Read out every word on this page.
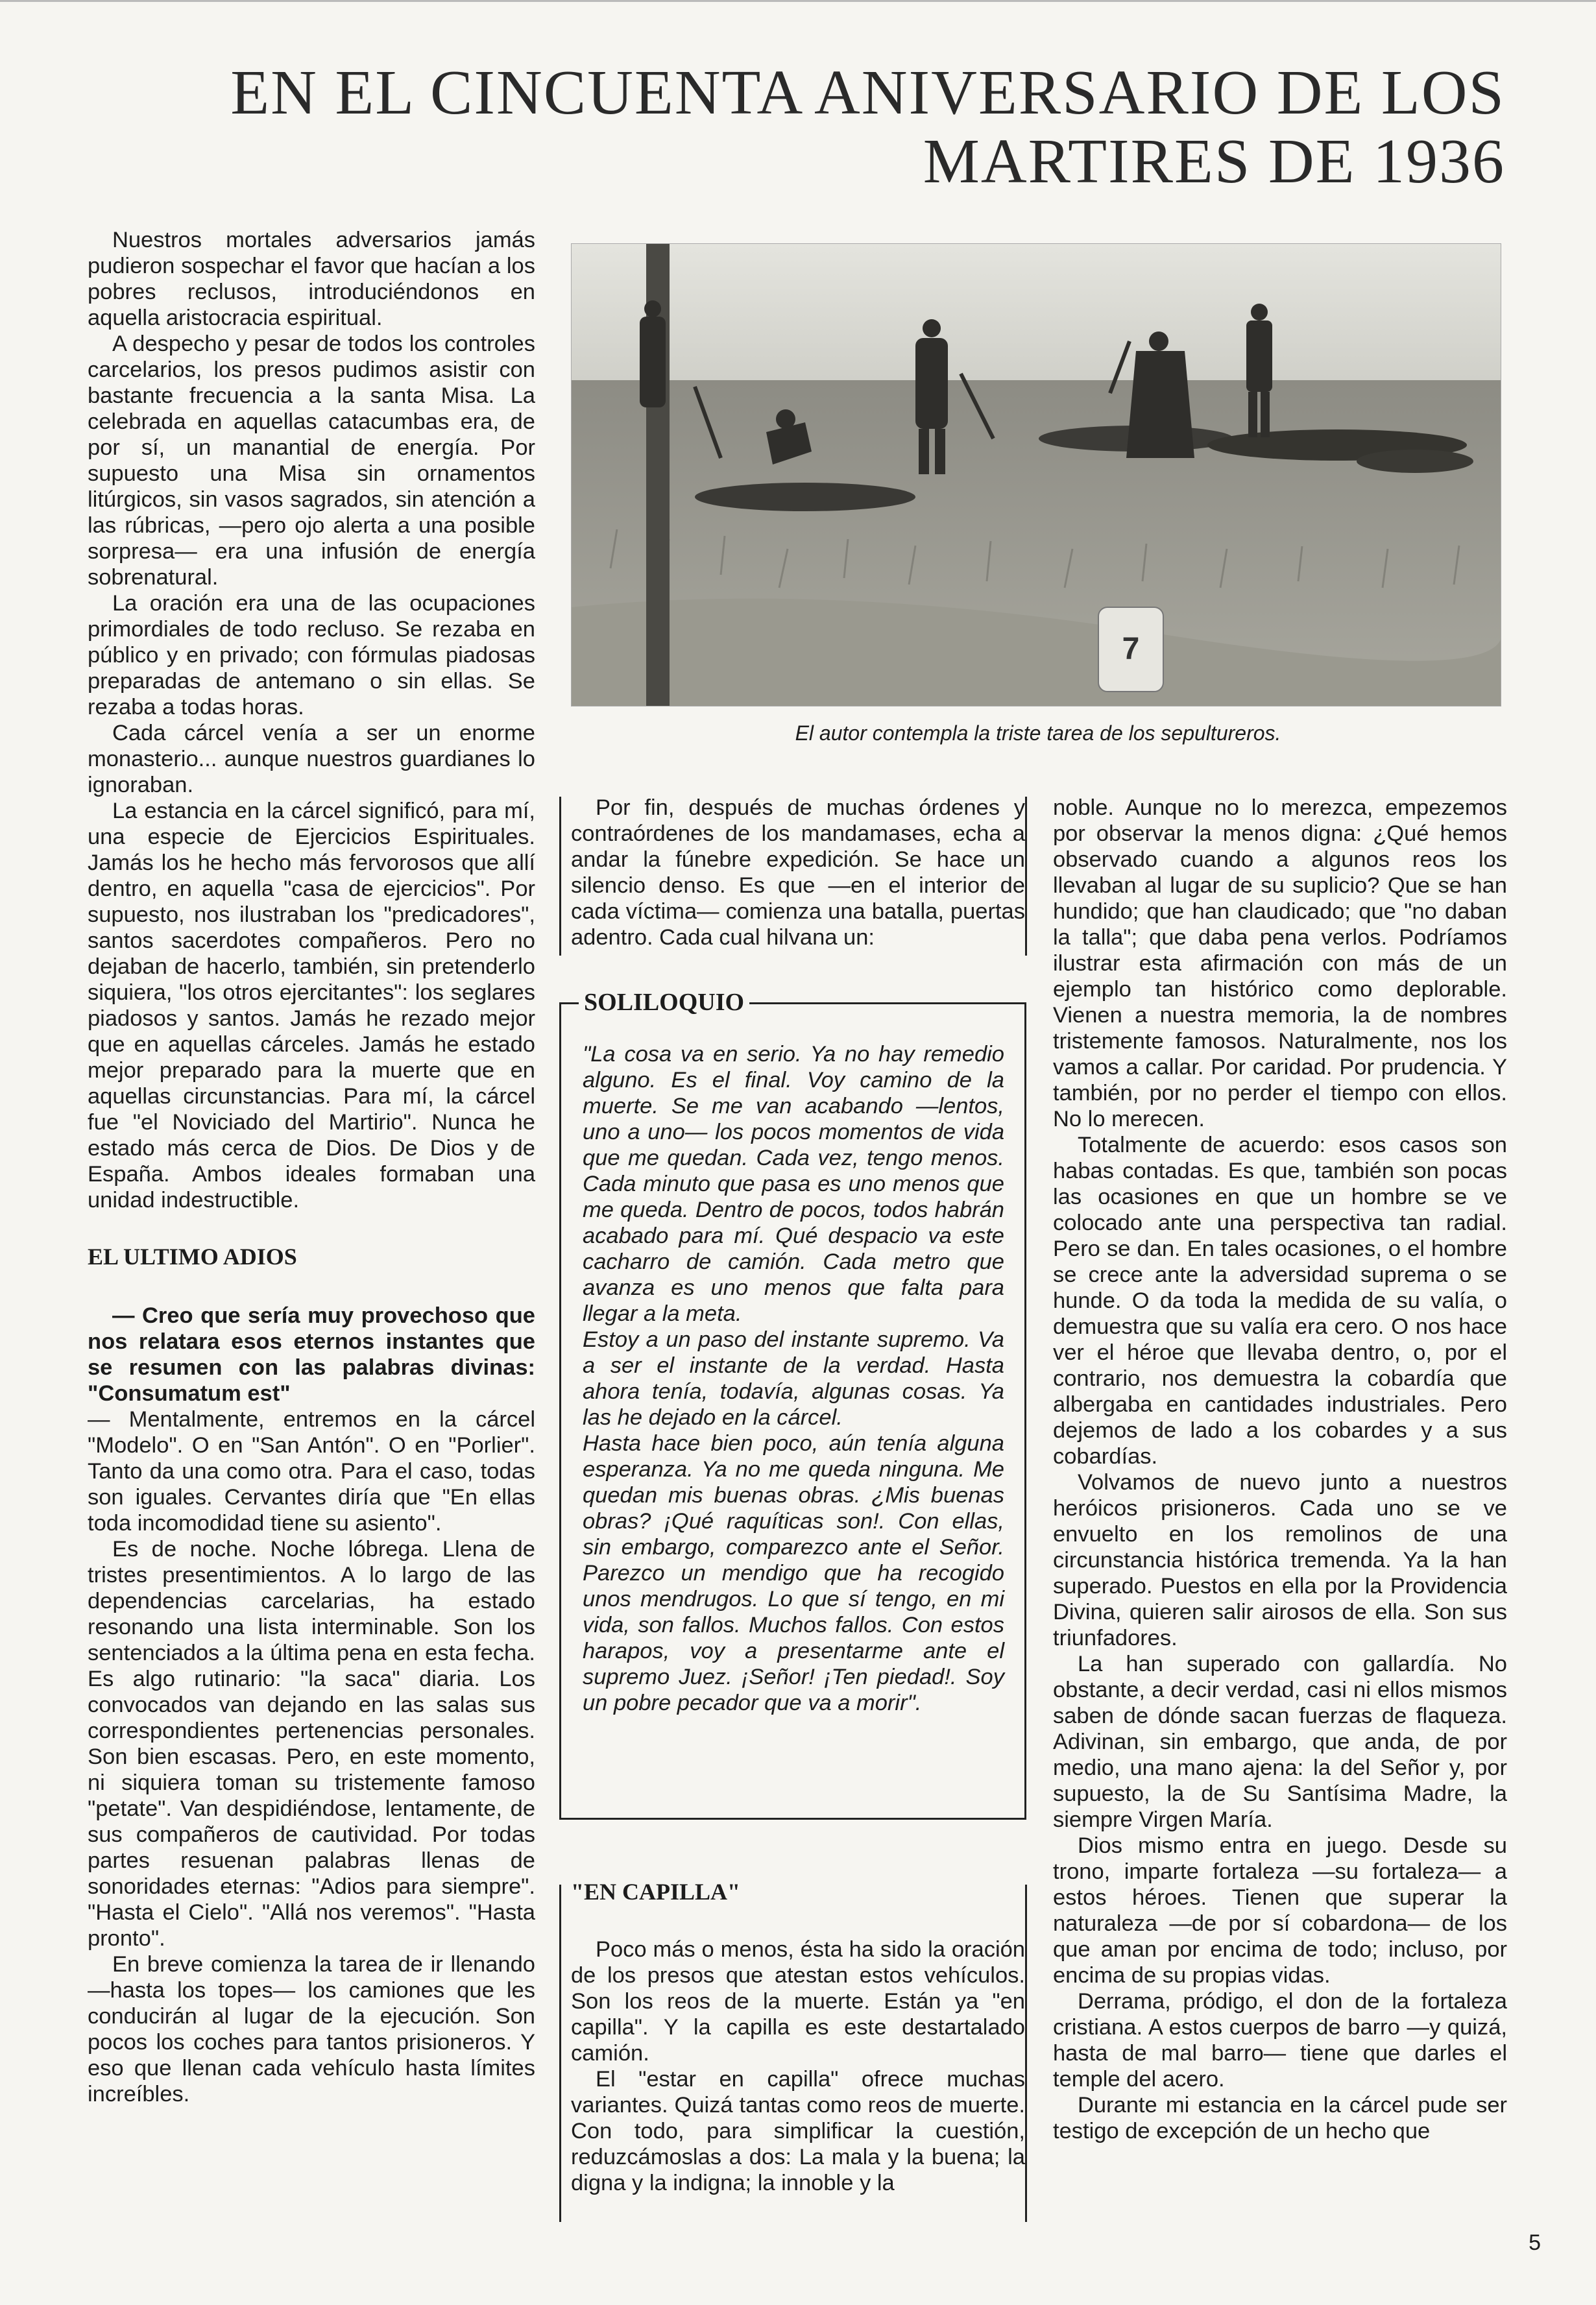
EN EL CINCUENTA ANIVERSARIO DE LOS
MARTIRES DE 1936

Nuestros mortales adversarios jamás pudieron sospechar el favor que hacían a los pobres reclusos, introduciéndonos en aquella aristocracia espiritual.

A despecho y pesar de todos los controles carcelarios, los presos pudimos asistir con bastante frecuencia a la santa Misa. La celebrada en aquellas catacumbas era, de por sí, un manantial de energía. Por supuesto una Misa sin ornamentos litúrgicos, sin vasos sagrados, sin atención a las rúbricas, —pero ojo alerta a una posible sorpresa— era una infusión de energía sobrenatural.

La oración era una de las ocupaciones primordiales de todo recluso. Se rezaba en público y en privado; con fórmulas piadosas preparadas de antemano o sin ellas. Se rezaba a todas horas.

Cada cárcel venía a ser un enorme monasterio... aunque nuestros guardianes lo ignoraban.

La estancia en la cárcel significó, para mí, una especie de Ejercicios Espirituales. Jamás los he hecho más fervorosos que allí dentro, en aquella "casa de ejercicios". Por supuesto, nos ilustraban los "predicadores", santos sacerdotes compañeros. Pero no dejaban de hacerlo, también, sin pretenderlo siquiera, "los otros ejercitantes": los seglares piadosos y santos. Jamás he rezado mejor que en aquellas cárceles. Jamás he estado mejor preparado para la muerte que en aquellas circunstancias. Para mí, la cárcel fue "el Noviciado del Martirio". Nunca he estado más cerca de Dios. De Dios y de España. Ambos ideales formaban una unidad indestructible.

EL ULTIMO ADIOS

— Creo que sería muy provechoso que nos relatara esos eternos instantes que se resumen con las palabras divinas: "Consumatum est"

— Mentalmente, entremos en la cárcel "Modelo". O en "San Antón". O en "Porlier". Tanto da una como otra. Para el caso, todas son iguales. Cervantes diría que "En ellas toda incomodidad tiene su asiento".

Es de noche. Noche lóbrega. Llena de tristes presentimientos. A lo largo de las dependencias carcelarias, ha estado resonando una lista interminable. Son los sentenciados a la última pena en esta fecha. Es algo rutinario: "la saca" diaria. Los convocados van dejando en las salas sus correspondientes pertenencias personales. Son bien escasas. Pero, en este momento, ni siquiera toman su tristemente famoso "petate". Van despidiéndose, lentamente, de sus compañeros de cautividad. Por todas partes resuenan palabras llenas de sonoridades eternas: "Adios para siempre". "Hasta el Cielo". "Allá nos veremos". "Hasta pronto".

En breve comienza la tarea de ir llenando —hasta los topes— los camiones que les conducirán al lugar de la ejecución. Son pocos los coches para tantos prisioneros. Y eso que llenan cada vehículo hasta límites increíbles.

7
El autor contempla la triste tarea de los sepultureros.

Por fin, después de muchas órdenes y contraórdenes de los mandamases, echa a andar la fúnebre expedición. Se hace un silencio denso. Es que —en el interior de cada víctima— comienza una batalla, puertas adentro. Cada cual hilvana un:

SOLILOQUIO

"La cosa va en serio. Ya no hay remedio alguno. Es el final. Voy camino de la muerte. Se me van acabando —lentos, uno a uno— los pocos momentos de vida que me quedan. Cada vez, tengo menos. Cada minuto que pasa es uno menos que me queda. Dentro de pocos, todos habrán acabado para mí. Qué despacio va este cacharro de camión. Cada metro que avanza es uno menos que falta para llegar a la meta.

Estoy a un paso del instante supremo. Va a ser el instante de la verdad. Hasta ahora tenía, todavía, algunas cosas. Ya las he dejado en la cárcel.

Hasta hace bien poco, aún tenía alguna esperanza. Ya no me queda ninguna. Me quedan mis buenas obras. ¿Mis buenas obras? ¡Qué raquíticas son!. Con ellas, sin embargo, comparezco ante el Señor. Parezco un mendigo que ha recogido unos mendrugos. Lo que sí tengo, en mi vida, son fallos. Muchos fallos. Con estos harapos, voy a presentarme ante el supremo Juez. ¡Señor! ¡Ten piedad!. Soy un pobre pecador que va a morir".

"EN CAPILLA"

Poco más o menos, ésta ha sido la oración de los presos que atestan estos vehículos. Son los reos de la muerte. Están ya "en capilla". Y la capilla es este destartalado camión.

El "estar en capilla" ofrece muchas variantes. Quizá tantas como reos de muerte. Con todo, para simplificar la cuestión, reduzcámoslas a dos: La mala y la buena; la digna y la indigna; la innoble y la

noble. Aunque no lo merezca, empezemos por observar la menos digna: ¿Qué hemos observado cuando a algunos reos los llevaban al lugar de su suplicio? Que se han hundido; que han claudicado; que "no daban la talla"; que daba pena verlos. Podríamos ilustrar esta afirmación con más de un ejemplo tan histórico como deplorable. Vienen a nuestra memoria, la de nombres tristemente famosos. Naturalmente, nos los vamos a callar. Por caridad. Por prudencia. Y también, por no perder el tiempo con ellos. No lo merecen.

Totalmente de acuerdo: esos casos son habas contadas. Es que, también son pocas las ocasiones en que un hombre se ve colocado ante una perspectiva tan radial. Pero se dan. En tales ocasiones, o el hombre se crece ante la adversidad suprema o se hunde. O da toda la medida de su valía, o demuestra que su valía era cero. O nos hace ver el héroe que llevaba dentro, o, por el contrario, nos demuestra la cobardía que albergaba en cantidades industriales. Pero dejemos de lado a los cobardes y a sus cobardías.

Volvamos de nuevo junto a nuestros heróicos prisioneros. Cada uno se ve envuelto en los remolinos de una circunstancia histórica tremenda. Ya la han superado. Puestos en ella por la Providencia Divina, quieren salir airosos de ella. Son sus triunfadores.

La han superado con gallardía. No obstante, a decir verdad, casi ni ellos mismos saben de dónde sacan fuerzas de flaqueza. Adivinan, sin embargo, que anda, de por medio, una mano ajena: la del Señor y, por supuesto, la de Su Santísima Madre, la siempre Virgen María.

Dios mismo entra en juego. Desde su trono, imparte fortaleza —su fortaleza— a estos héroes. Tienen que superar la naturaleza —de por sí cobardona— de los que aman por encima de todo; incluso, por encima de su propias vidas.

Derrama, pródigo, el don de la fortaleza cristiana. A estos cuerpos de barro —y quizá, hasta de mal barro— tiene que darles el temple del acero.

Durante mi estancia en la cárcel pude ser testigo de excepción de un hecho que

5
